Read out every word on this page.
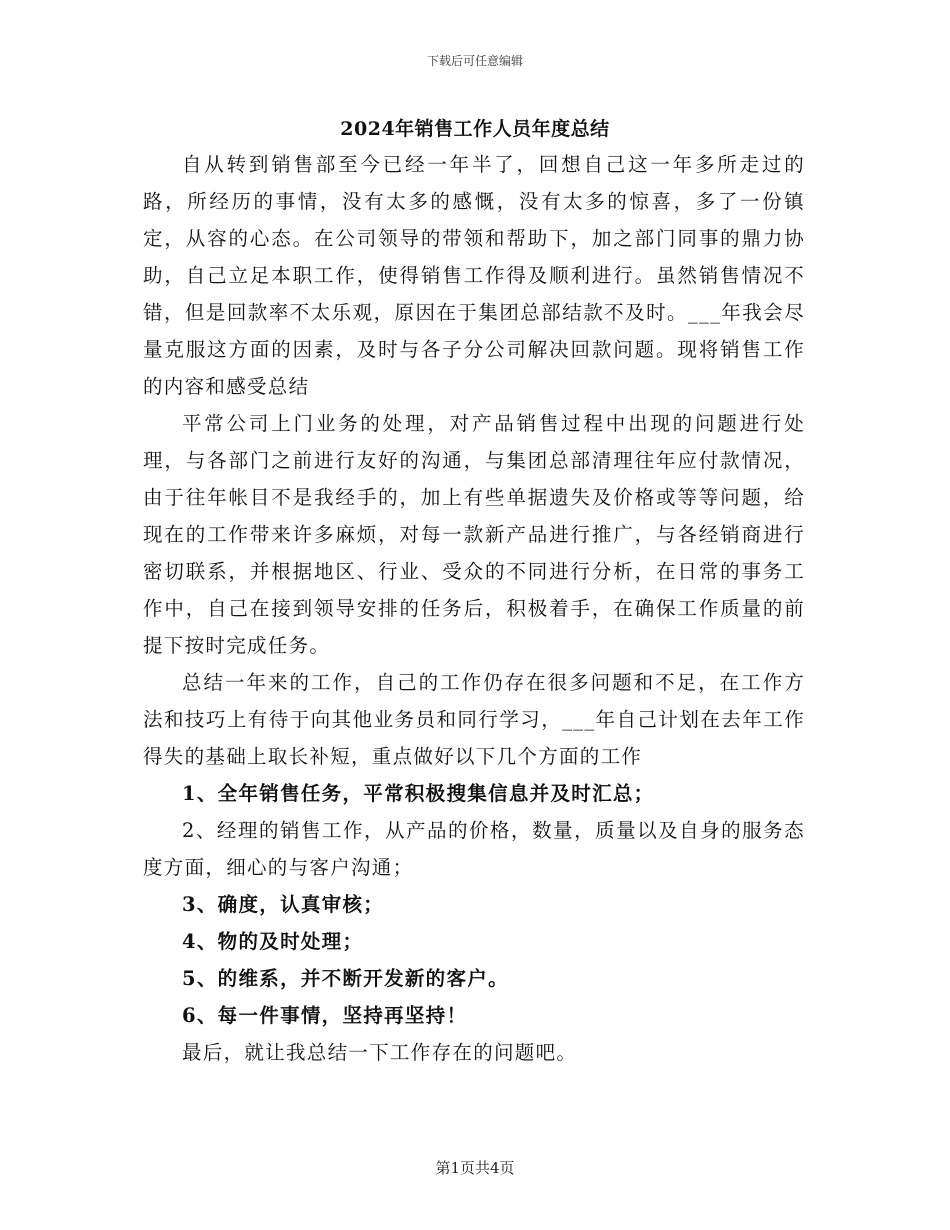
下载后可任意编辑
2024年销售工作人员年度总结

自从转到销售部至今已经一年半了，回想自己这一年多所走过的路，所经历的事情，没有太多的感慨，没有太多的惊喜，多了一份镇定，从容的心态。在公司领导的带领和帮助下，加之部门同事的鼎力协助，自己立足本职工作，使得销售工作得及顺利进行。虽然销售情况不错，但是回款率不太乐观，原因在于集团总部结款不及时。___年我会尽量克服这方面的因素，及时与各子分公司解决回款问题。现将销售工作的内容和感受总结

平常公司上门业务的处理，对产品销售过程中出现的问题进行处理，与各部门之前进行友好的沟通，与集团总部清理往年应付款情况，由于往年帐目不是我经手的，加上有些单据遗失及价格或等等问题，给现在的工作带来许多麻烦，对每一款新产品进行推广，与各经销商进行密切联系，并根据地区、行业、受众的不同进行分析，在日常的事务工作中，自己在接到领导安排的任务后，积极着手，在确保工作质量的前提下按时完成任务。

总结一年来的工作，自己的工作仍存在很多问题和不足，在工作方法和技巧上有待于向其他业务员和同行学习，___年自己计划在去年工作得失的基础上取长补短，重点做好以下几个方面的工作

1、全年销售任务，平常积极搜集信息并及时汇总；

2、经理的销售工作，从产品的价格，数量，质量以及自身的服务态度方面，细心的与客户沟通；

3、确度，认真审核；

4、物的及时处理；

5、的维系，并不断开发新的客户。

6、每一件事情，坚持再坚持！

最后，就让我总结一下工作存在的问题吧。

第1页共4页
